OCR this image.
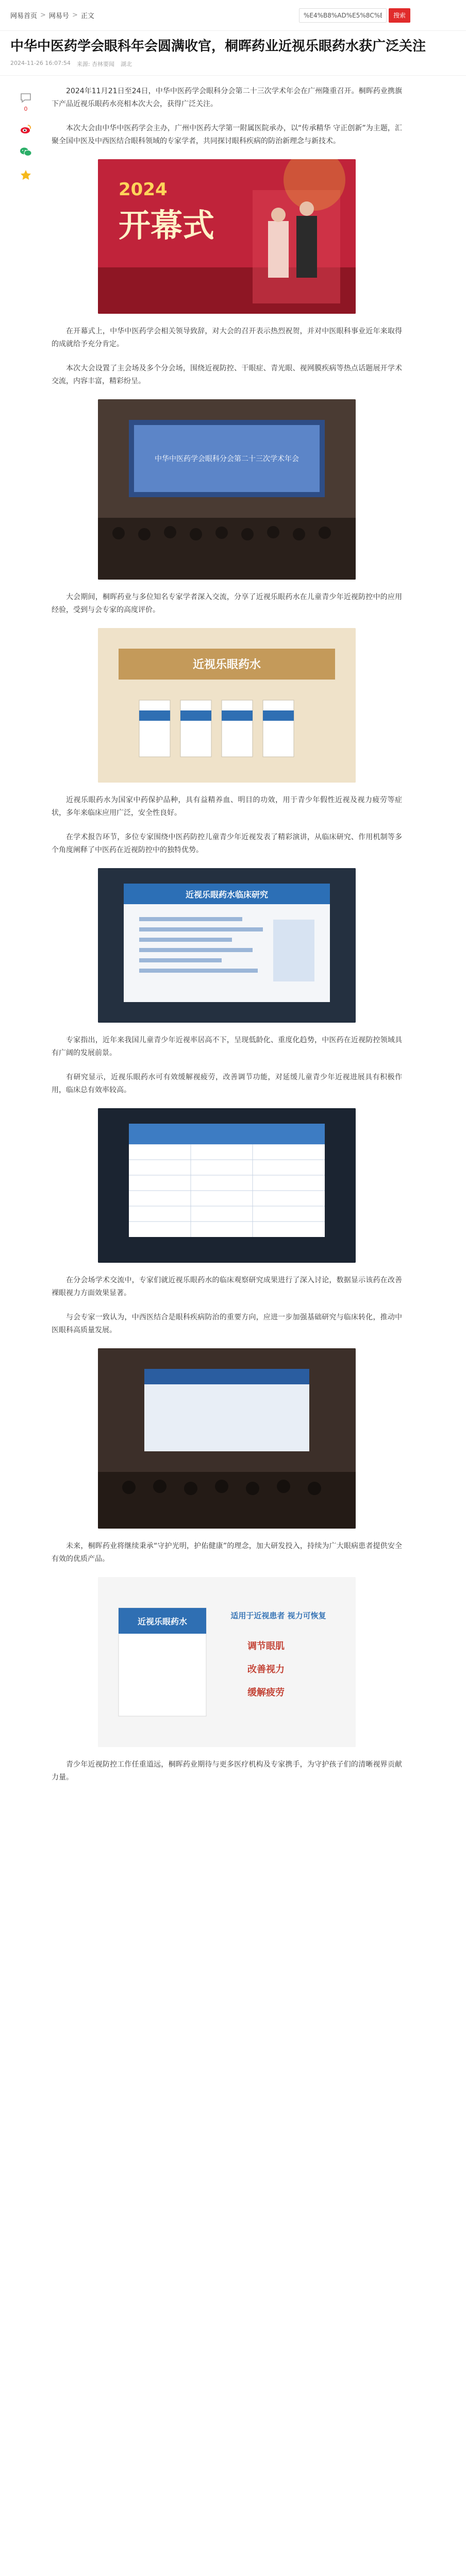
网易首页 > 网易号 > 正文
%E4%B8%AD%E5%8C%BB%E8%8D%AF%E5%AD%A6%E4%BC%9A%E7%9C%BC%E7%A7%91%E5%B9%B4%E4%BC%9A	搜索
中华中医药学会眼科年会圆满收官，桐晖药业近视乐眼药水获广泛关注
2024-11-26 16:07:54 来源: 杏林要闻 湖北
0

2024年11月21日至24日，中华中医药学会眼科分会第二十三次学术年会在广州隆重召开。桐晖药业携旗下产品近视乐眼药水亮相本次大会，获得广泛关注。

本次大会由中华中医药学会主办，广州中医药大学第一附属医院承办，以“传承精华 守正创新”为主题，汇聚全国中医及中西医结合眼科领域的专家学者，共同探讨眼科疾病的防治新理念与新技术。

2024
开幕式

在开幕式上，中华中医药学会相关领导致辞，对大会的召开表示热烈祝贺，并对中医眼科事业近年来取得的成就给予充分肯定。

本次大会设置了主会场及多个分会场，围绕近视防控、干眼症、青光眼、视网膜疾病等热点话题展开学术交流，内容丰富，精彩纷呈。

中华中医药学会眼科分会第二十三次学术年会

大会期间，桐晖药业与多位知名专家学者深入交流，分享了近视乐眼药水在儿童青少年近视防控中的应用经验，受到与会专家的高度评价。

近视乐眼药水

近视乐眼药水为国家中药保护品种，具有益精养血、明目的功效，用于青少年假性近视及视力疲劳等症状，多年来临床应用广泛，安全性良好。

在学术报告环节，多位专家围绕中医药防控儿童青少年近视发表了精彩演讲，从临床研究、作用机制等多个角度阐释了中医药在近视防控中的独特优势。

近视乐眼药水临床研究

专家指出，近年来我国儿童青少年近视率居高不下，呈现低龄化、重度化趋势，中医药在近视防控领域具有广阔的发展前景。

有研究显示，近视乐眼药水可有效缓解视疲劳，改善调节功能，对延缓儿童青少年近视进展具有积极作用，临床总有效率较高。

在分会场学术交流中，专家们就近视乐眼药水的临床观察研究成果进行了深入讨论，数据显示该药在改善裸眼视力方面效果显著。

与会专家一致认为，中西医结合是眼科疾病防治的重要方向，应进一步加强基础研究与临床转化，推动中医眼科高质量发展。

未来，桐晖药业将继续秉承“守护光明，护佑健康”的理念，加大研发投入，持续为广大眼病患者提供安全有效的优质产品。

近视乐眼药水
适用于近视患者 视力可恢复
调节眼肌
改善视力
缓解疲劳

青少年近视防控工作任重道远，桐晖药业期待与更多医疗机构及专家携手，为守护孩子们的清晰视界贡献力量。
